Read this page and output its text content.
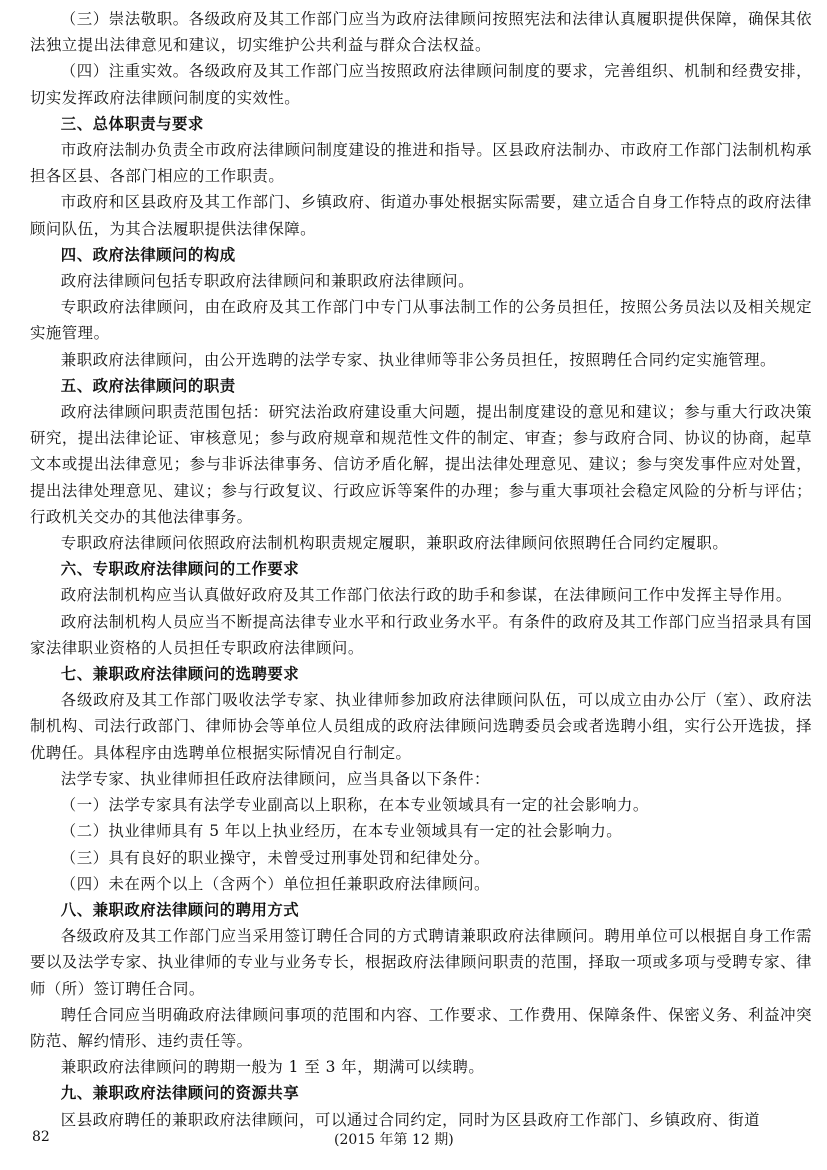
（三）崇法敬职。各级政府及其工作部门应当为政府法律顾问按照宪法和法律认真履职提供保障，确保其依法独立提出法律意见和建议，切实维护公共利益与群众合法权益。

（四）注重实效。各级政府及其工作部门应当按照政府法律顾问制度的要求，完善组织、机制和经费安排，切实发挥政府法律顾问制度的实效性。

三、总体职责与要求

市政府法制办负责全市政府法律顾问制度建设的推进和指导。区县政府法制办、市政府工作部门法制机构承担各区县、各部门相应的工作职责。

市政府和区县政府及其工作部门、乡镇政府、街道办事处根据实际需要，建立适合自身工作特点的政府法律顾问队伍，为其合法履职提供法律保障。

四、政府法律顾问的构成

政府法律顾问包括专职政府法律顾问和兼职政府法律顾问。

专职政府法律顾问，由在政府及其工作部门中专门从事法制工作的公务员担任，按照公务员法以及相关规定实施管理。

兼职政府法律顾问，由公开选聘的法学专家、执业律师等非公务员担任，按照聘任合同约定实施管理。

五、政府法律顾问的职责

政府法律顾问职责范围包括：研究法治政府建设重大问题，提出制度建设的意见和建议；参与重大行政决策研究，提出法律论证、审核意见；参与政府规章和规范性文件的制定、审查；参与政府合同、协议的协商，起草文本或提出法律意见；参与非诉法律事务、信访矛盾化解，提出法律处理意见、建议；参与突发事件应对处置，提出法律处理意见、建议；参与行政复议、行政应诉等案件的办理；参与重大事项社会稳定风险的分析与评估；行政机关交办的其他法律事务。

专职政府法律顾问依照政府法制机构职责规定履职，兼职政府法律顾问依照聘任合同约定履职。

六、专职政府法律顾问的工作要求

政府法制机构应当认真做好政府及其工作部门依法行政的助手和参谋，在法律顾问工作中发挥主导作用。

政府法制机构人员应当不断提高法律专业水平和行政业务水平。有条件的政府及其工作部门应当招录具有国家法律职业资格的人员担任专职政府法律顾问。

七、兼职政府法律顾问的选聘要求

各级政府及其工作部门吸收法学专家、执业律师参加政府法律顾问队伍，可以成立由办公厅（室）、政府法制机构、司法行政部门、律师协会等单位人员组成的政府法律顾问选聘委员会或者选聘小组，实行公开选拔，择优聘任。具体程序由选聘单位根据实际情况自行制定。

法学专家、执业律师担任政府法律顾问，应当具备以下条件：

（一）法学专家具有法学专业副高以上职称，在本专业领域具有一定的社会影响力。

（二）执业律师具有 5 年以上执业经历，在本专业领域具有一定的社会影响力。

（三）具有良好的职业操守，未曾受过刑事处罚和纪律处分。

（四）未在两个以上（含两个）单位担任兼职政府法律顾问。

八、兼职政府法律顾问的聘用方式

各级政府及其工作部门应当采用签订聘任合同的方式聘请兼职政府法律顾问。聘用单位可以根据自身工作需要以及法学专家、执业律师的专业与业务专长，根据政府法律顾问职责的范围，择取一项或多项与受聘专家、律师（所）签订聘任合同。

聘任合同应当明确政府法律顾问事项的范围和内容、工作要求、工作费用、保障条件、保密义务、利益冲突防范、解约情形、违约责任等。

兼职政府法律顾问的聘期一般为 1 至 3 年，期满可以续聘。

九、兼职政府法律顾问的资源共享

区县政府聘任的兼职政府法律顾问，可以通过合同约定，同时为区县政府工作部门、乡镇政府、街道

82	(2015 年第 12 期)
